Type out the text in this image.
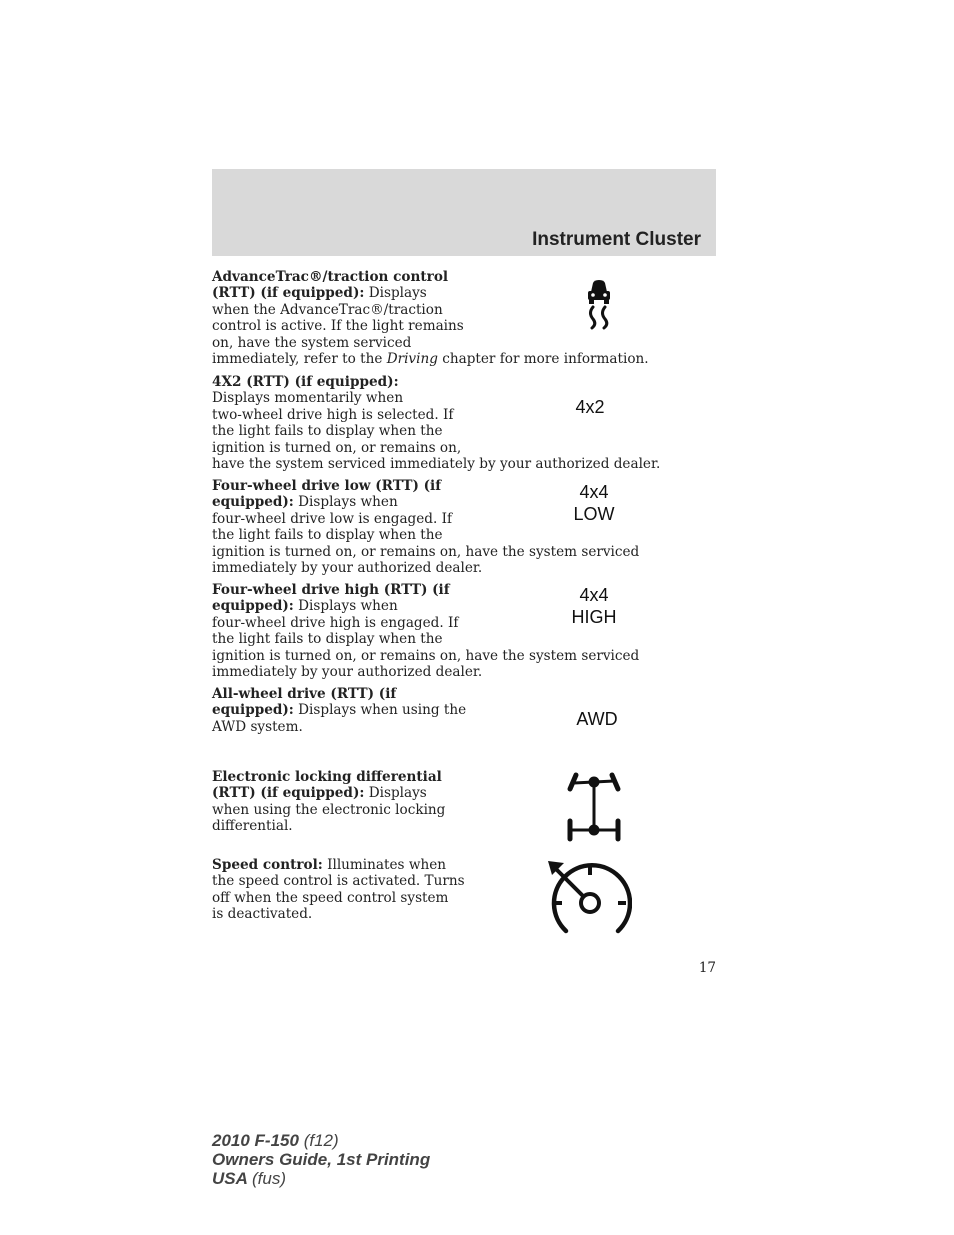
Instrument Cluster
AdvanceTrac®/traction control
(RTT) (if equipped): Displays
when the AdvanceTrac®/traction
control is active. If the light remains
on, have the system serviced
immediately, refer to the Driving chapter for more information.
4X2 (RTT) (if equipped):
Displays momentarily when
two-wheel drive high is selected. If
the light fails to display when the
ignition is turned on, or remains on,
have the system serviced immediately by your authorized dealer.
4x2
Four-wheel drive low (RTT) (if
equipped): Displays when
four-wheel drive low is engaged. If
the light fails to display when the
ignition is turned on, or remains on, have the system serviced
immediately by your authorized dealer.
4x4
LOW
Four-wheel drive high (RTT) (if
equipped): Displays when
four-wheel drive high is engaged. If
the light fails to display when the
ignition is turned on, or remains on, have the system serviced
immediately by your authorized dealer.
4x4
HIGH
All-wheel drive (RTT) (if
equipped): Displays when using the
AWD system.	AWD
Electronic locking differential
(RTT) (if equipped): Displays
when using the electronic locking
differential.
Speed control: Illuminates when
the speed control is activated. Turns
off when the speed control system
is deactivated.
17
2010 F-150 (f12)
Owners Guide, 1st Printing
USA (fus)
